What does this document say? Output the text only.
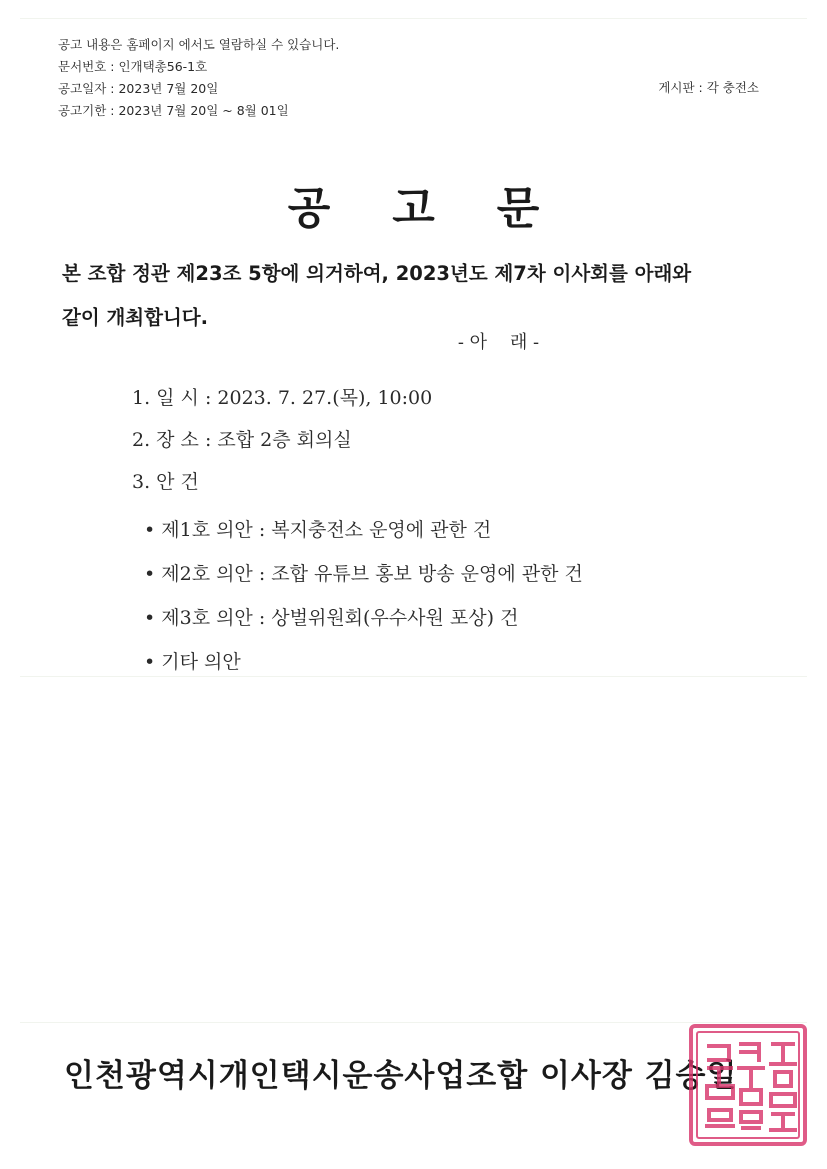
공고 내용은 홈페이지 에서도 열람하실 수 있습니다.
문서번호 : 인개택총56-1호
공고일자 : 2023년 7월 20일
공고기한 : 2023년 7월 20일 ~ 8월 01일
게시판 : 각 충전소
공고문
본 조합 정관 제23조 5항에 의거하여, 2023년도 제7차 이사회를 아래와
같이 개최합니다.
- 아    래 -
1. 일 시 : 2023. 7. 27.(목), 10:00
2. 장 소 : 조합 2층 회의실
3. 안 건
• 제1호 의안 : 복지충전소 운영에 관한 건
• 제2호 의안 : 조합 유튜브 홍보 방송 운영에 관한 건
• 제3호 의안 : 상벌위원회(우수사원 포상) 건
• 기타 의안
인천광역시개인택시운송사업조합 이사장 김승일
